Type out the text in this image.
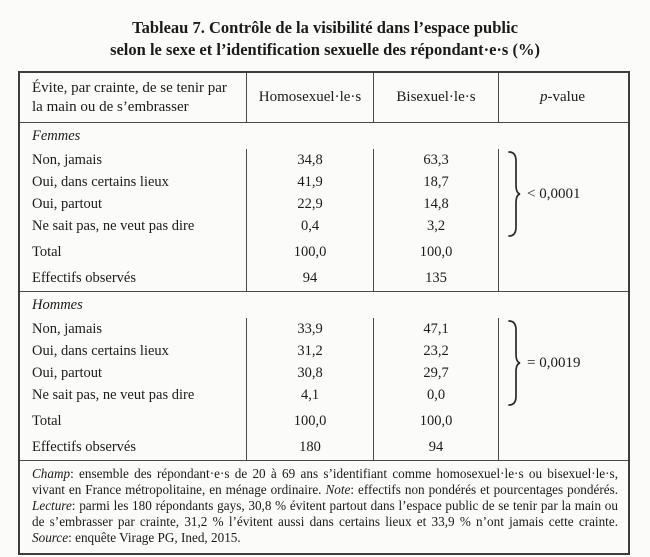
Tableau 7. Contrôle de la visibilité dans l’espace public
selon le sexe et l’identification sexuelle des répondant·e·s (%)
Évite, par crainte, de se tenir par la main ou de s’embrasser
Homosexuel·le·s	Bisexuel·le·s	p -value
Femmes
Non, jamais	34,8	63,3
Oui, dans certains lieux	41,9	18,7
Oui, partout	22,9	14,8
Ne sait pas, ne veut pas dire	0,4	3,2
Total	100,0	100,0
Effectifs observés	94	135
< 0,0001
Hommes
Non, jamais	33,9	47,1
Oui, dans certains lieux	31,2	23,2
Oui, partout	30,8	29,7
Ne sait pas, ne veut pas dire	4,1	0,0
Total	100,0	100,0
Effectifs observés	180	94
= 0,0019
Champ: ensemble des répondant·e·s de 20 à 69 ans s’identifiant comme homosexuel·le·s ou bisexuel·le·s, vivant en France métropolitaine, en ménage ordinaire. Note: effectifs non pondérés et pourcentages pondérés. Lecture: parmi les 180 répondants gays, 30,8 % évitent partout dans l’espace public de se tenir par la main ou de s’embrasser par crainte, 31,2 % l’évitent aussi dans certains lieux et 33,9 % n’ont jamais cette crainte. Source: enquête Virage PG, Ined, 2015.
